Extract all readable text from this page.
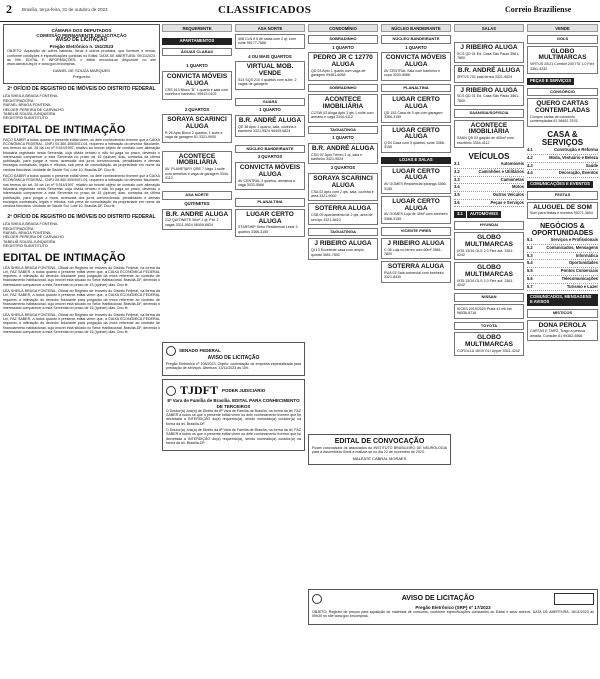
2 Brasília, terça-feira, 31 de outubro de 2023	CLASSIFICADOS	Correio Braziliense
CÂMARA DOS DEPUTADOS
COMISSÃO PERMANENTE DE LICITAÇÃO
AVISO DE LICITAÇÃO
Pregão Eletrônico n. 151/2023
OBJETO: Aquisição de cofres baterias, livros e outros produtos, que fornecer e enviar, conforme condições e especificações contidas no Edital. DATA DE ABERTURA: 09/11/2023, às 09h. EDITAL E INFORMAÇÕES: o edital encontra-se disponível no site www.camara.leg.br e www.gov.br/compras.
DANIEL DE SOUZA MARQUES
Pregoeiro
2º OFÍCIO DE REGISTRO DE IMÓVEIS DO DISTRITO FEDERAL
LÉA SHEILA BRAGA FONTENIL
REGISTRADORA
RAFAEL BRAGA FONTENIL
HELDER PEREIRA DE CARVALHO
TABELIÃ SOUZA JUNQUEIRA
REGISTRO SUBSTITUTO
EDITAL DE INTIMAÇÃO
FAÇO SABER a todos quanto o presente edital virem, ou dele conhecimento tiverem que a CAIXA ECONÔMICA FEDERAL, CNPJ 00.360.305/0001-04, requereu a intimação do devedor fiduciante, nos termos do art. 26 da Lei nº 9.514/1997, relativo ao imóvel objeto de contrato com alienação fiduciária registrado nesta Serventia, cuja dívida venceu e não foi paga no prazo, devendo o interessado comparecer a esta Serventia no prazo de 15 (quinze) dias, contados da última publicação, para purgar a mora, acrescida dos juros convencionais, penalidades e demais encargos contratuais, legais e tributos, sob pena de consolidação da propriedade em nome da credora fiduciária. Unidade de Saúde Sul, Lote 10, Brasília-DF. Dou fé.
FAÇO SABER a todos quanto o presente edital virem, ou dele conhecimento tiverem que a CAIXA ECONÔMICA FEDERAL, CNPJ 00.360.305/0001-04, requereu a intimação do devedor fiduciante, nos termos do art. 26 da Lei nº 9.514/1997, relativo ao imóvel objeto de contrato com alienação fiduciária registrado nesta Serventia, cuja dívida venceu e não foi paga no prazo, devendo o interessado comparecer a esta Serventia no prazo de 15 (quinze) dias, contados da última publicação, para purgar a mora, acrescida dos juros convencionais, penalidades e demais encargos contratuais, legais e tributos, sob pena de consolidação da propriedade em nome da credora fiduciária. Unidade de Saúde Sul, Lote 10, Brasília-DF. Dou fé.
2º OFÍCIO DE REGISTRO DE IMÓVEIS DO DISTRITO FEDERAL
LÉA SHEILA BRAGA FONTENIL
REGISTRADORA
RAFAEL BRAGA FONTENIL
HELDER PEREIRA DE CARVALHO
TABELIÃ SOUZA JUNQUEIRA
REGISTRO SUBSTITUTO
EDITAL DE INTIMAÇÃO
LÉA SHEILA BRAGA FONTENIL, Oficial do Registro de Imóveis do Distrito Federal, na forma da Lei, FAZ SABER, a todos quanto o presente edital virem que, a CAIXA ECONÔMICA FEDERAL requereu a intimação do devedor fiduciante para purgação da mora referente ao contrato de financiamento habitacional, cujo imóvel está situado no Setor Habitacional, Brasília-DF, devendo o interessado comparecer a esta Serventia no prazo de 15 (quinze) dias. Dou fé.
LÉA SHEILA BRAGA FONTENIL, Oficial do Registro de Imóveis do Distrito Federal, na forma da Lei, FAZ SABER, a todos quanto o presente edital virem que, a CAIXA ECONÔMICA FEDERAL requereu a intimação do devedor fiduciante para purgação da mora referente ao contrato de financiamento habitacional, cujo imóvel está situado no Setor Habitacional, Brasília-DF, devendo o interessado comparecer a esta Serventia no prazo de 15 (quinze) dias. Dou fé.
LÉA SHEILA BRAGA FONTENIL, Oficial do Registro de Imóveis do Distrito Federal, na forma da Lei, FAZ SABER, a todos quanto o presente edital virem que, a CAIXA ECONÔMICA FEDERAL requereu a intimação do devedor fiduciante para purgação da mora referente ao contrato de financiamento habitacional, cujo imóvel está situado no Setor Habitacional, Brasília-DF, devendo o interessado comparecer a esta Serventia no prazo de 15 (quinze) dias. Dou fé.
REQUERENTE
APARTAMENTOS
ÁGUAS CLARAS
1 QUARTO
CONVICTA MÓVEIS ALUGA
CRS 513 Bloco "B" 1 quarto e sala com cozinha e banheiro. 99513-0102
2 QUARTOS
SORAYA SCARINCI ALUGA
R 26 Apto Bloco 2 quartos, 1 suíte e vaga de garagem 61 3321-9000
ACONTECE IMOBILIÁRIA
AV. PLANETARY QRE 7 Vago 1 suíte com armários e vaga de garagem 3344-4112
ASA NORTE
QUITINETES
B.R. ANDRE ALUGA
212 QUITINETE 30m² 1 qt, Pal. 2 vagas 3321-9524 98409-6824
ASA NORTE
408 CLN lt 5 de salas com 2 qt, com suíte 99177-7688
4 OU MAIS QUARTOS
VIRTUAL MOB. VENDE
S14 SQS 210 4 quartos com suíte, 2 vagas de garagem
GUARÁ
1 QUARTO
B.R. ANDRÉ ALUGA
QE 38 Apto 1 quarto, sala, cozinha e banheiro 3321-9524 98409-6824
NÚCLEO BANDEIRANTE
3 QUARTOS
CONVICTA MÓVEIS ALUGA
AV CENTRAL 3 quartos, armários a vaga 3033-5566
PLANALTINA
LUGAR CERTO ALUGA
STARSHIP Setor Residencial Leste 3 quartos 3366-3155
CONDOMÍNIO
SOBRADINHO
1 QUARTO
PEDRO JR C 12770 ALUGA
QD 03 Apto 1 quarto com vaga de garagem 99481-6058
SOBRADINHO
ACONTECE IMOBILIÁRIA
CCSW 03 Aluga Apto 3 qts 1 suíte com armário e vaga 3344-4112
TAGUATINGA
1 QUARTO
B.R. ANDRÉ ALUGA
CSG 07 Apto Térreo 1 qt, sala e banheiro 3321-9524
2 QUARTOS
SORAYA SCARINCI ALUGA
CSA 02 apto com 2 qts, sala, cozinha e área 3321-9000
SOTERRA ALUGA
CSB 09 apartamento de 2 qts, área de serviço 3321-8410
TAGUATINGA
J RIBEIRO ALUGA
QI 13 Excelente casa com amplo quintal 3561-7800
NÚCLEO BANDEIRANTE
NÚCLEO BANDEIRANTE
1 QUARTO
CONVICTA MÓVEIS ALUGA
AV CENTRAL Sala com banheiro e copa 3033-5566
PLANALTINA
LUGAR CERTO ALUGA
QD 153 Casa de 3 qts com garagem 3366-3155
LUGAR CERTO ALUGA
Q 04 Casa com 3 quartos, suíte 3366-3155
LOJAS E SALAS
LUGAR CERTO ALUGA
AV GOMES Residencial Ipiranga 3366-3155
LUGAR CERTO ALUGA
AV GOMES Loja de 45m² com banheiro 3366-3155
VICENTE PIRES
J RIBEIRO ALUGA
C 08 Loja no térreo com 60m² 3561-7800
SOTERRA ALUGA
RUA 03 Sala comercial com banheiro 3321-8410
SALAS
J RIBEIRO ALUGA
SCS QD 01 Ed. Casa São Paulo 3561-7800
B.R. ANDRÉ ALUGA
SRTVS 701 sala térrea 3321-9524
J RIBEIRO ALUGA
SCS QD 01 Ed. Casa São Paulo 3561-7800
SAAN/SIA/SOF/SCIA
ACONTECE IMOBILIÁRIA
SAAN QD 02 galpão de 400m² com escritório 3344-4112
VEÍCULOS
3.1	Automóveis
3.2	Caminhões e Utilitários
3.3	Camionetas
3.4	Motos
3.5	Outros Veículos
3.6	Peças e Serviços
3.1 AUTOMÓVEIS
HYUNDAI
GLOBO MULTIMARCAS
IX35 15/16 GLS 2.0 Flex aut. 3361-4242
GLOBO MULTIMARCAS
IX35 15/16 GLS 2.0 Flex aut. 3361-4242
NISSAN
KICKS 2019/2020 Prata 41 mil km 98536-8718
TOYOTA
GLOBO MULTIMARCAS
COROLLA 18/19 GLI Upper 3361-4242
VENDE
GOLS
GLOBO MULTIMARCAS
VIRTUS 20/21 Comfort 200 TSI 1.0 Flex 3361-4242
PEÇAS E SERVIÇOS
CONSÓRCIO
QUERO CARTAS CONTEMPLADAS
Compro cartas de consórcio contempladas 61 98492-7676
CASA & SERVIÇOS
4.1	Construção e Reforma
4.2	Moda, Vestuário e Beleza
4.3	Saúde
4.4	Decoração, Eventos
COMUNICAÇÕES E EVENTOS
FESTAS
ALUGUEL DE SOM
Som para festas e eventos 99271-3604
NEGÓCIOS & OPORTUNIDADES
5.1	Serviços e Profissionais
5.2	Comunicados, Mensagens
5.3	Informática
5.4	Oportunidades
5.5	Pontos Comerciais
5.6	Telecomunicações
5.7	Turismo e Lazer
COMUNICADOS, MENSAGENS E AVISOS
MÍSTICOS
DONA PEROLA
CARTAS E TARÔ. Trago a pessoa amada. Consulte 61 99382-5566
SENADO FEDERAL
AVISO DE LICITAÇÃO
Pregão Eletrônico nº 108/2023. Objeto: contratação de empresa especializada para prestação de serviços. Abertura: 13/11/2023 às 10h.
TJDFT PODER JUDICIÁRIO
8ª Vara de Família de Brasília. EDITAL PARA CONHECIMENTO DE TERCEIROS
O Doutor(a) Juiz(a) de Direito da 8ª Vara de Família de Brasília, na forma da lei, FAZ SABER a todos os que o presente edital virem ou dele conhecimento tiverem que foi decretada a INTERDIÇÃO do(a) requerido(a), sendo nomeado(a) curador(a) na forma da lei. Brasília-DF.
O Doutor(a) Juiz(a) de Direito da 8ª Vara de Família de Brasília, na forma da lei, FAZ SABER a todos os que o presente edital virem ou dele conhecimento tiverem que foi decretada a INTERDIÇÃO do(a) requerido(a), sendo nomeado(a) curador(a) na forma da lei. Brasília-DF.	EDITAL DE CONVOCAÇÃO
Ficam convocados os associados do INSTITUTO BRASILEIRO DE NEUROLOGIA para a Assembleia Geral a realizar-se no dia 22 de novembro de 2023.
MALEATE CABRAL MORAES
AVISO DE LICITAÇÃO
Pregão Eletrônico (SRP) nº 17/2023
OBJETO: Registro de preços para aquisição de materiais de consumo, conforme especificações constantes do Edital e seus anexos. DATA DE ABERTURA: 16/11/2023 às 09h30 no site www.gov.br/compras.
